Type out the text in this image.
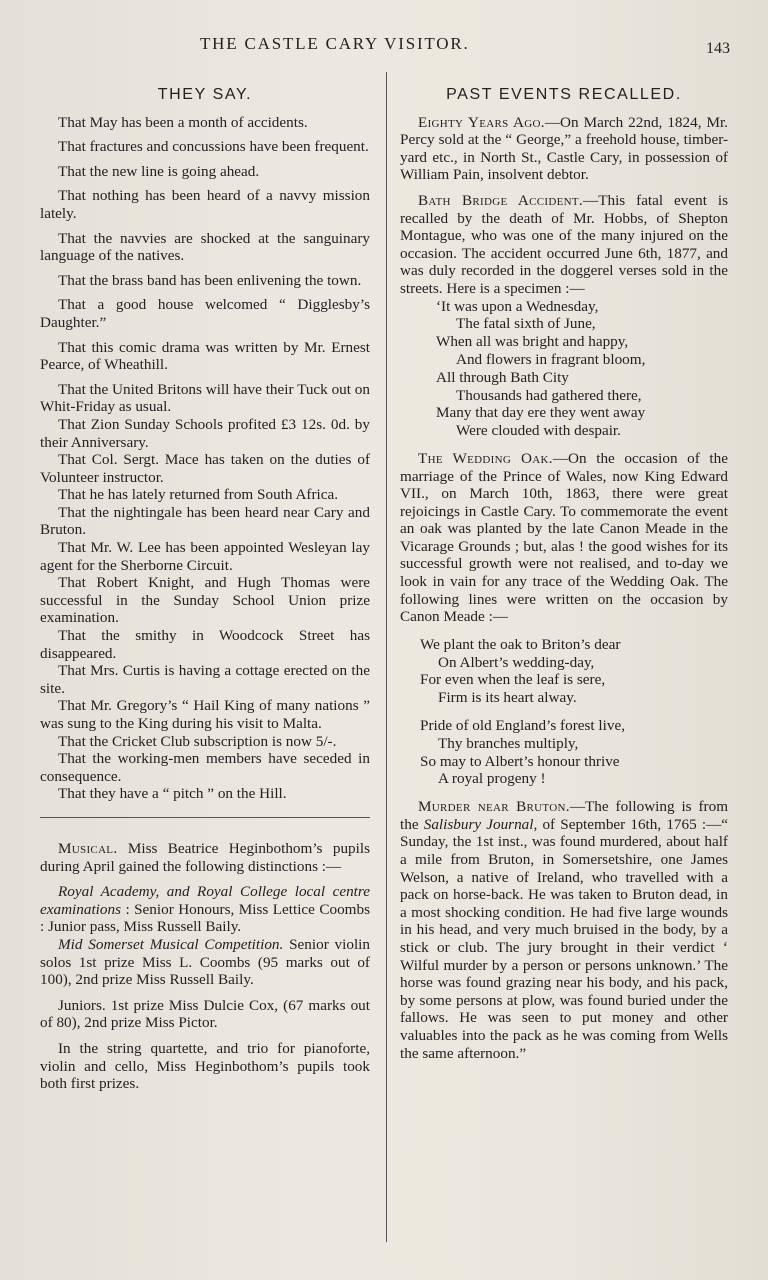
THE CASTLE CARY VISITOR.	143
THEY SAY.

That May has been a month of accidents.

That fractures and concussions have been frequent.

That the new line is going ahead.

That nothing has been heard of a navvy mission lately.

That the navvies are shocked at the sanguinary language of the natives.

That the brass band has been enlivening the town.

That a good house welcomed “ Digglesby’s Daughter.”

That this comic drama was written by Mr. Ernest Pearce, of Wheathill.

That the United Britons will have their Tuck out on Whit-Friday as usual.

That Zion Sunday Schools profited £3 12s. 0d. by their Anniversary.

That Col. Sergt. Mace has taken on the duties of Volunteer instructor.

That he has lately returned from South Africa.

That the nightingale has been heard near Cary and Bruton.

That Mr. W. Lee has been appointed Wesleyan lay agent for the Sherborne Circuit.

That Robert Knight, and Hugh Thomas were successful in the Sunday School Union prize examination.

That the smithy in Woodcock Street has disappeared.

That Mrs. Curtis is having a cottage erected on the site.

That Mr. Gregory’s “ Hail King of many nations ” was sung to the King during his visit to Malta.

That the Cricket Club subscription is now 5/-.

That the working-men members have seceded in consequence.

That they have a “ pitch ” on the Hill.

Musical. Miss Beatrice Heginbothom’s pupils during April gained the following distinctions :—

Royal Academy, and Royal College local centre examinations : Senior Honours, Miss Lettice Coombs : Junior pass, Miss Russell Baily.

Mid Somerset Musical Competition. Senior violin solos 1st prize Miss L. Coombs (95 marks out of 100), 2nd prize Miss Russell Baily.

Juniors. 1st prize Miss Dulcie Cox, (67 marks out of 80), 2nd prize Miss Pictor.

In the string quartette, and trio for pianoforte, violin and cello, Miss Heginbothom’s pupils took both first prizes.

PAST EVENTS RECALLED.

Eighty Years Ago.—On March 22nd, 1824, Mr. Percy sold at the “ George,” a freehold house, timber-yard etc., in North St., Castle Cary, in possession of William Pain, insolvent debtor.

Bath Bridge Accident.—This fatal event is recalled by the death of Mr. Hobbs, of Shepton Montague, who was one of the many injured on the occasion. The accident occurred June 6th, 1877, and was duly recorded in the doggerel verses sold in the streets. Here is a specimen :—

‘It was upon a Wednesday,
The fatal sixth of June,
When all was bright and happy,
And flowers in fragrant bloom,
All through Bath City
Thousands had gathered there,
Many that day ere they went away
Were clouded with despair.

The Wedding Oak.—On the occasion of the marriage of the Prince of Wales, now King Edward VII., on March 10th, 1863, there were great rejoicings in Castle Cary. To commemorate the event an oak was planted by the late Canon Meade in the Vicarage Grounds ; but, alas ! the good wishes for its successful growth were not realised, and to-day we look in vain for any trace of the Wedding Oak. The following lines were written on the occasion by Canon Meade :—

We plant the oak to Briton’s dear
On Albert’s wedding-day,
For even when the leaf is sere,
Firm is its heart alway.
Pride of old England’s forest live,
Thy branches multiply,
So may to Albert’s honour thrive
A royal progeny !

Murder near Bruton.—The following is from the Salisbury Journal, of September 16th, 1765 :—“ Sunday, the 1st inst., was found murdered, about half a mile from Bruton, in Somersetshire, one James Welson, a native of Ireland, who travelled with a pack on horse-back. He was taken to Bruton dead, in a most shocking condition. He had five large wounds in his head, and very much bruised in the body, by a stick or club. The jury brought in their verdict ‘ Wilful murder by a person or persons unknown.’ The horse was found grazing near his body, and his pack, by some persons at plow, was found buried under the fallows. He was seen to put money and other valuables into the pack as he was coming from Wells the same afternoon.”
